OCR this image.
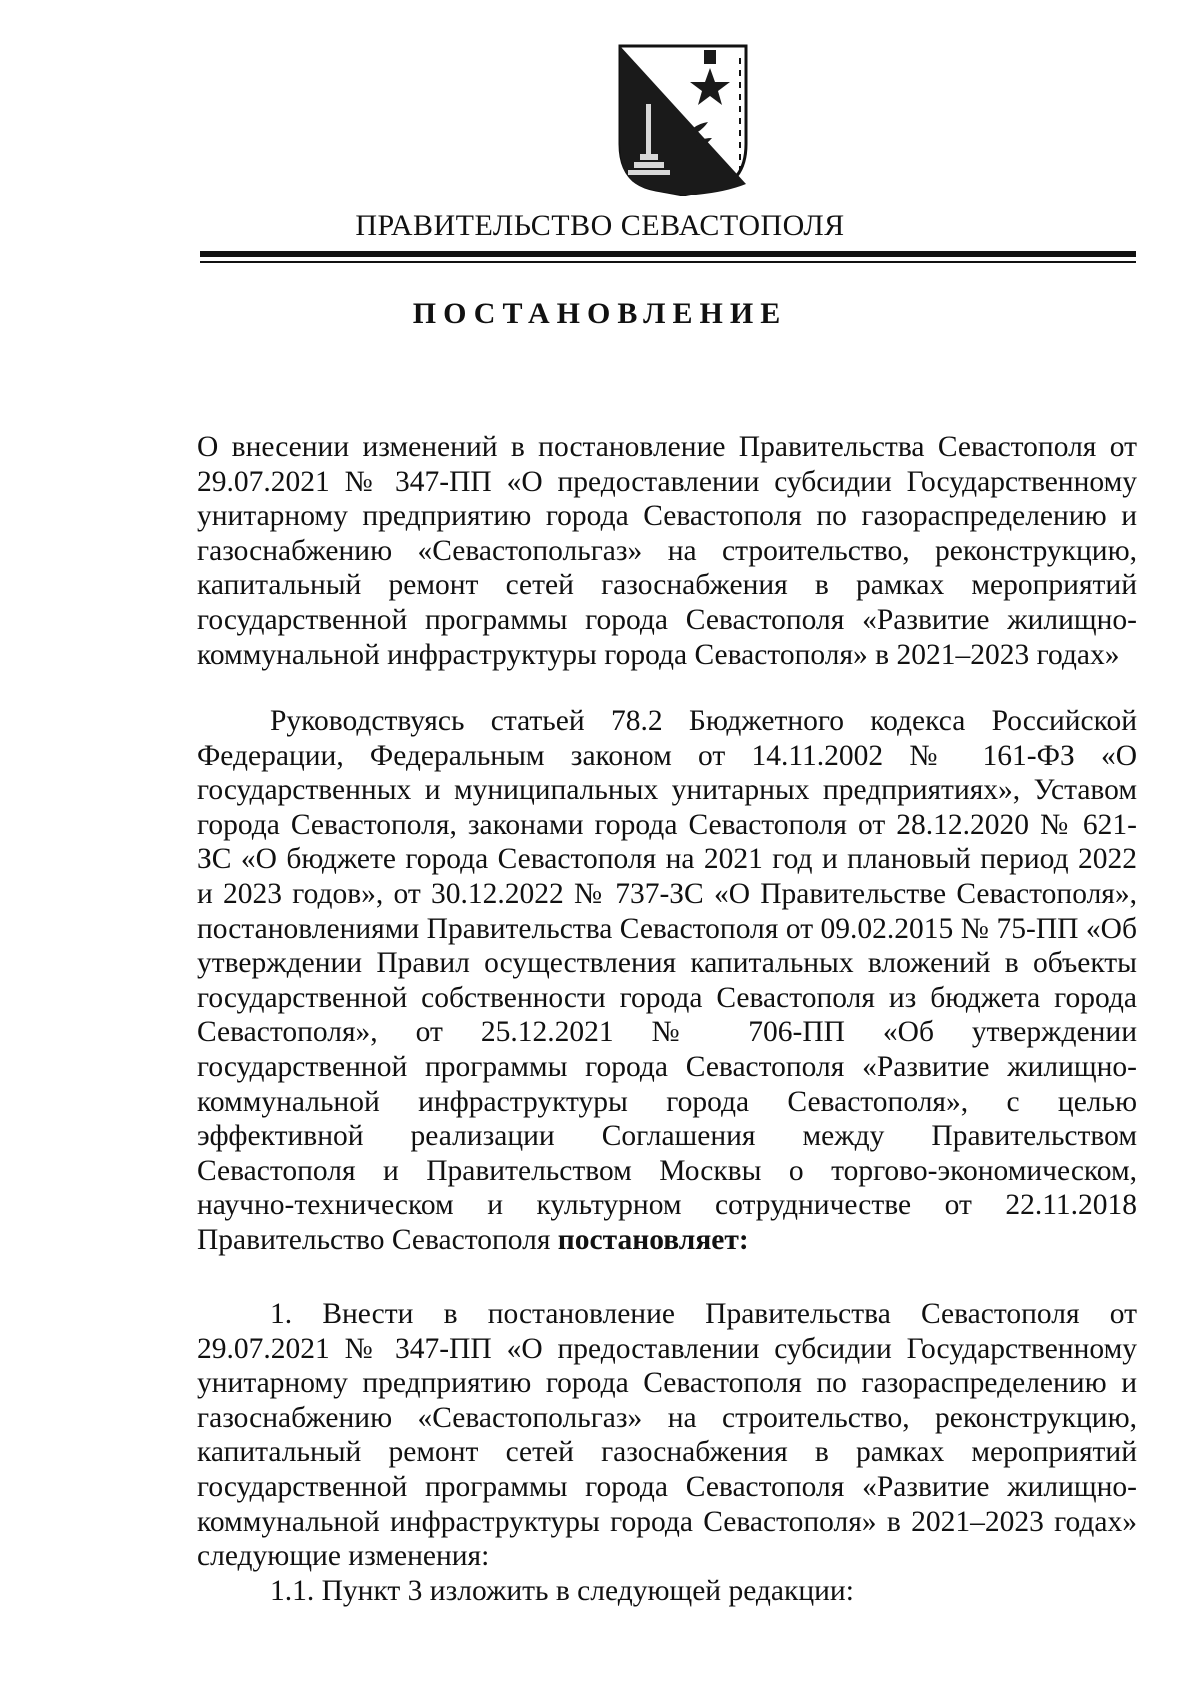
ПРАВИТЕЛЬСТВО СЕВАСТОПОЛЯ
ПОСТАНОВЛЕНИЕ

О внесении изменений в постановление Правительства Севастополя от 29.07.2021 № 347-ПП «О предоставлении субсидии Государственному унитарному предприятию города Севастополя по газораспределению и газоснабжению «Севастопольгаз» на строительство, реконструкцию, капитальный ремонт сетей газоснабжения в рамках мероприятий государственной программы города Севастополя «Развитие жилищно-коммунальной инфраструктуры города Севастополя» в 2021–2023 годах»

Руководствуясь статьей 78.2 Бюджетного кодекса Российской Федерации, Федеральным законом от 14.11.2002 № 161-ФЗ «О государственных и муниципальных унитарных предприятиях», Уставом города Севастополя, законами города Севастополя от 28.12.2020 № 621-ЗС «О бюджете города Севастополя на 2021 год и плановый период 2022 и 2023 годов», от 30.12.2022 № 737-ЗС «О Правительстве Севастополя», постановлениями Правительства Севастополя от 09.02.2015 № 75-ПП «Об утверждении Правил осуществления капитальных вложений в объекты государственной собственности города Севастополя из бюджета города Севастополя», от 25.12.2021 № 706-ПП «Об утверждении государственной программы города Севастополя «Развитие жилищно-коммунальной инфраструктуры города Севастополя», с целью эффективной реализации Соглашения между Правительством Севастополя и Правительством Москвы о торгово-экономическом, научно-техническом и культурном сотрудничестве от 22.11.2018 Правительство Севастополя постановляет:

1. Внести в постановление Правительства Севастополя от 29.07.2021 № 347-ПП «О предоставлении субсидии Государственному унитарному предприятию города Севастополя по газораспределению и газоснабжению «Севастопольгаз» на строительство, реконструкцию, капитальный ремонт сетей газоснабжения в рамках мероприятий государственной программы города Севастополя «Развитие жилищно-коммунальной инфраструктуры города Севастополя» в 2021–2023 годах» следующие изменения:

1.1. Пункт 3 изложить в следующей редакции:
